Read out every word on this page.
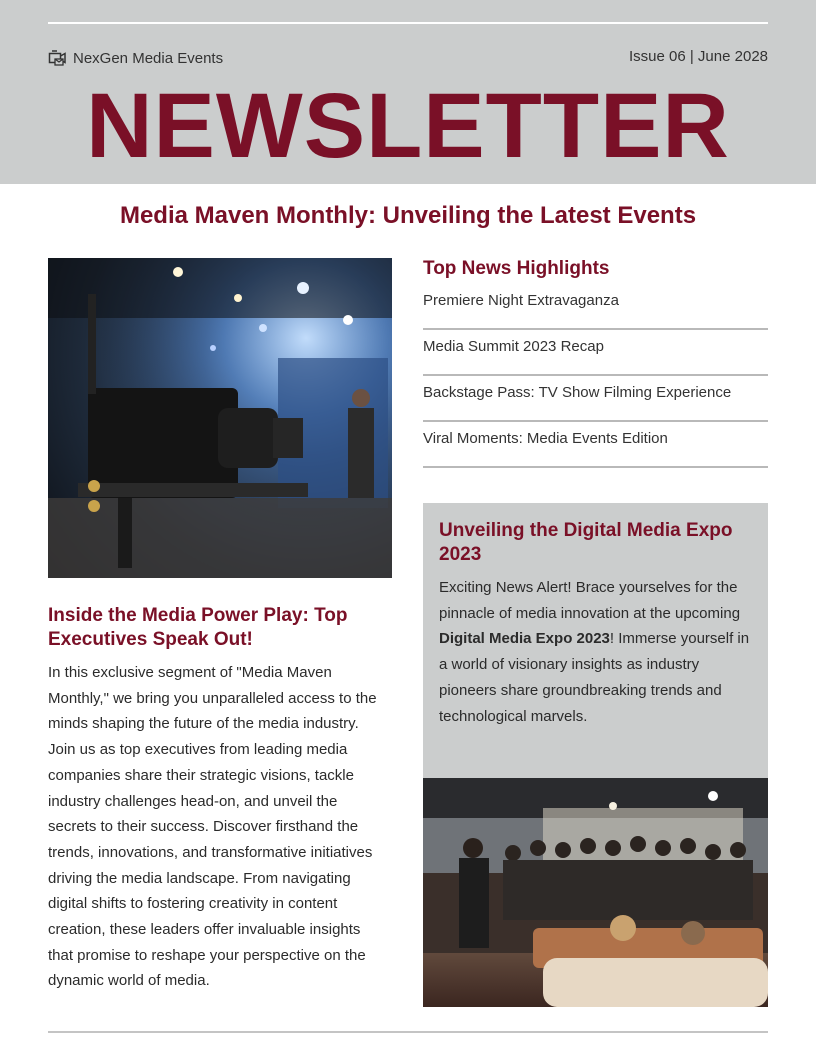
NexGen Media Events	Issue 06 | June 2028
NEWSLETTER
Media Maven Monthly: Unveiling the Latest Events
Inside the Media Power Play: Top Executives Speak Out!
In this exclusive segment of "Media Maven Monthly," we bring you unparalleled access to the minds shaping the future of the media industry. Join us as top executives from leading media companies share their strategic visions, tackle industry challenges head-on, and unveil the secrets to their success. Discover firsthand the trends, innovations, and transformative initiatives driving the media landscape. From navigating digital shifts to fostering creativity in content creation, these leaders offer invaluable insights that promise to reshape your perspective on the dynamic world of media.
Top News Highlights
Premiere Night Extravaganza
Media Summit 2023 Recap
Backstage Pass: TV Show Filming Experience
Viral Moments: Media Events Edition
Unveiling the Digital Media Expo 2023
Exciting News Alert! Brace yourselves for the pinnacle of media innovation at the upcoming Digital Media Expo 2023! Immerse yourself in a world of visionary insights as industry pioneers share groundbreaking trends and technological marvels.
